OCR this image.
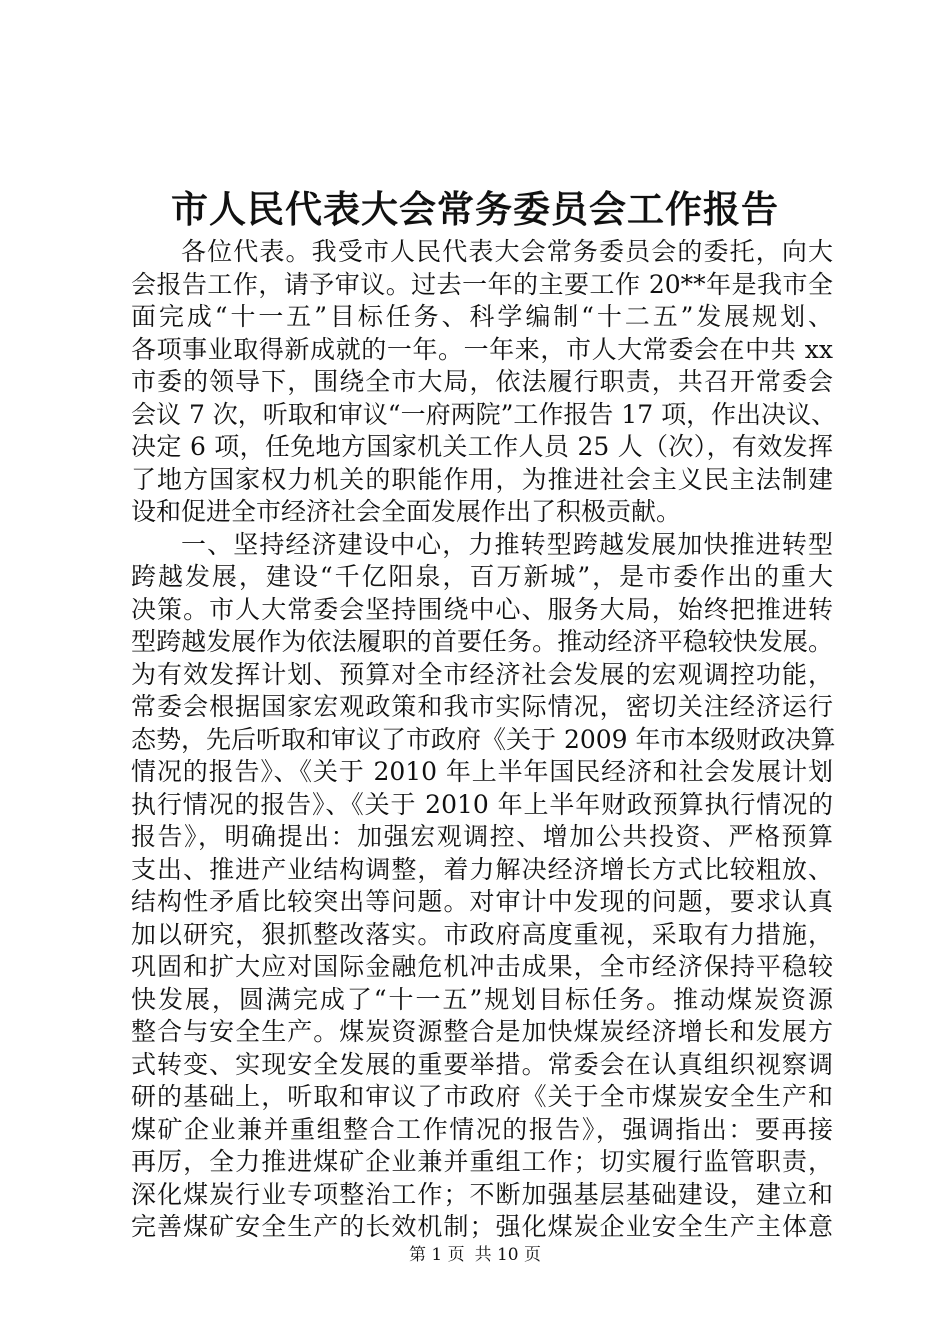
市人民代表大会常务委员会工作报告
各位代表。我受市人民代表大会常务委员会的委托，向大
会报告工作，请予审议。过去一年的主要工作 20**年是我市全
面完成“十一五”目标任务、科学编制“十二五”发展规划、
各项事业取得新成就的一年。一年来，市人大常委会在中共 xx
市委的领导下，围绕全市大局，依法履行职责，共召开常委会
会议 7 次，听取和审议“一府两院”工作报告 17 项，作出决议、
决定 6 项，任免地方国家机关工作人员 25 人（次），有效发挥
了地方国家权力机关的职能作用，为推进社会主义民主法制建
设和促进全市经济社会全面发展作出了积极贡献。
一、坚持经济建设中心，力推转型跨越发展加快推进转型
跨越发展，建设“千亿阳泉，百万新城”，是市委作出的重大
决策。市人大常委会坚持围绕中心、服务大局，始终把推进转
型跨越发展作为依法履职的首要任务。推动经济平稳较快发展。
为有效发挥计划、预算对全市经济社会发展的宏观调控功能，
常委会根据国家宏观政策和我市实际情况，密切关注经济运行
态势，先后听取和审议了市政府《关于 2009 年市本级财政决算
情况的报告》、《关于 2010 年上半年国民经济和社会发展计划
执行情况的报告》、《关于 2010 年上半年财政预算执行情况的
报告》，明确提出：加强宏观调控、增加公共投资、严格预算
支出、推进产业结构调整，着力解决经济增长方式比较粗放、
结构性矛盾比较突出等问题。对审计中发现的问题，要求认真
加以研究，狠抓整改落实。市政府高度重视，采取有力措施，
巩固和扩大应对国际金融危机冲击成果，全市经济保持平稳较
快发展，圆满完成了“十一五”规划目标任务。推动煤炭资源
整合与安全生产。煤炭资源整合是加快煤炭经济增长和发展方
式转变、实现安全发展的重要举措。常委会在认真组织视察调
研的基础上，听取和审议了市政府《关于全市煤炭安全生产和
煤矿企业兼并重组整合工作情况的报告》，强调指出：要再接
再厉，全力推进煤矿企业兼并重组工作；切实履行监管职责，
深化煤炭行业专项整治工作；不断加强基层基础建设，建立和
完善煤矿安全生产的长效机制；强化煤炭企业安全生产主体意
第 1 页 共 10 页
